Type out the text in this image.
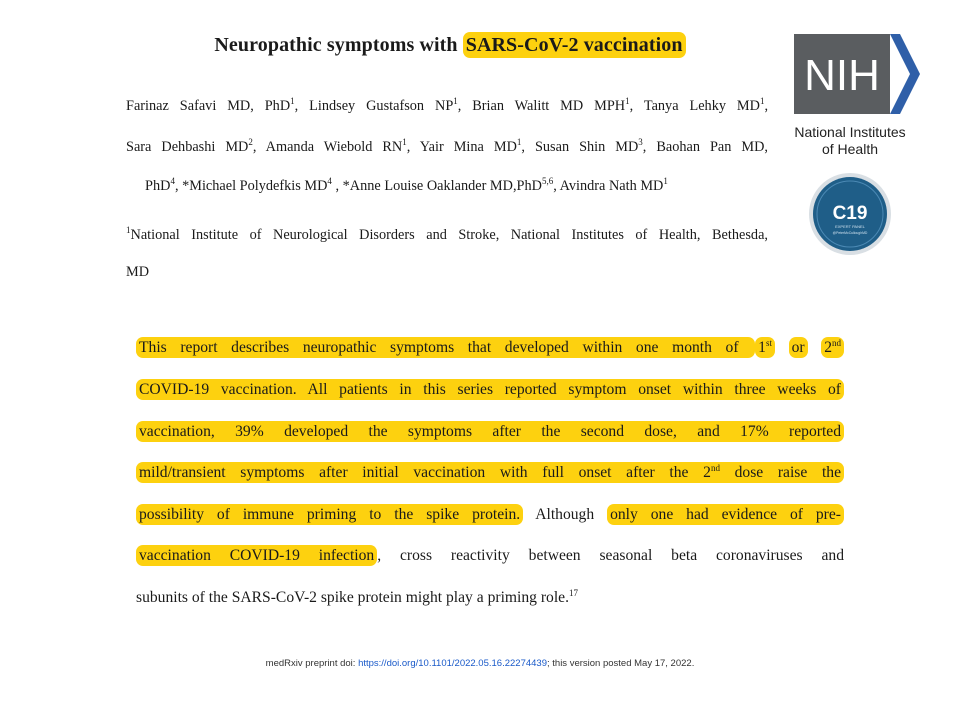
Neuropathic symptoms with SARS-CoV-2 vaccination
Farinaz Safavi MD, PhD$^1$, Lindsey Gustafson $NP^1$, Brian Walitt MD MPH$^1$, Tanya Lehky $MD^1$,
Sara Dehbashi $MD^2$, Amanda Wiebold $RN^1$, Yair Mina $MD^1$, Susan Shin $MD^3$, Baohan Pan MD,
PhD$^4$, *Michael Polydefkis $MD^4$ , *Anne Louise Oaklander MD,PhD$^{5,6}$, Avindra Nath $MD^1$
$^1$National Institute of Neurological Disorders and Stroke, National Institutes of Health, Bethesda,
MD
This report describes neuropathic symptoms that developed within one month of 1st or 2nd
COVID-19 vaccination. All patients in this series reported symptom onset within three weeks of
vaccination, 39% developed the symptoms after the second dose, and 17% reported
mild/transient symptoms after initial vaccination with full onset after the 2nd dose raise the
possibility of immune priming to the spike protein. Although only one had evidence of pre-
vaccination COVID-19 infection , cross reactivity between seasonal beta coronaviruses and
subunits of the SARS-CoV-2 spike protein might play a priming role.$^{17}$
medRxiv preprint doi: https://doi.org/10.1101/2022.05.16.22274439; this version posted May 17, 2022.
NIH
National Institutes
of Health
C19
EXPERT PANEL
@PeterMcCulloughMD
